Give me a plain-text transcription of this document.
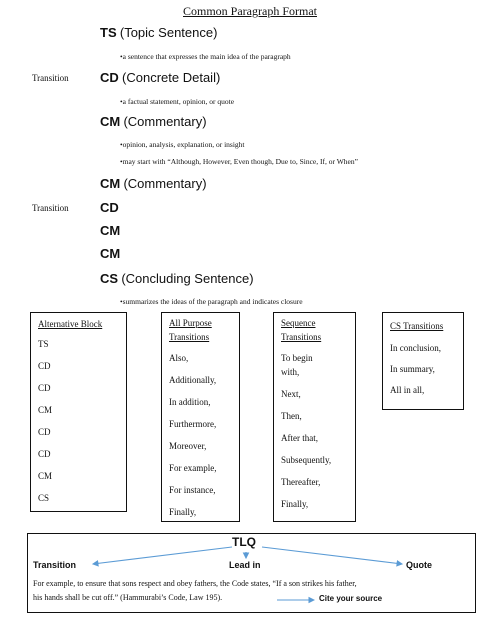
Common Paragraph Format
TS (Topic Sentence)
•a sentence that expresses the main idea of the paragraph
Transition CD (Concrete Detail)
•a factual statement, opinion, or quote
CM (Commentary)
•opinion, analysis, explanation, or insight
•may start with “Although, However, Even though, Due to, Since, If, or When”
CM (Commentary)
Transition CD
CM
CM
CS (Concluding Sentence)
•summarizes the ideas of the paragraph and indicates closure
Alternative Block
TS
CD
CD
CM
CD
CD
CM
CS
All Purpose
Transitions
Also,
Additionally,
In addition,
Furthermore,
Moreover,
For example,
For instance,
Finally,
Sequence
Transitions
To begin
with,
Next,
Then,
After that,
Subsequently,
Thereafter,
Finally,
CS Transitions
In conclusion,
In summary,
All in all,
TLQ
Transition	Lead in	Quote
For example, to ensure that sons respect and obey fathers, the Code states, “If a son strikes his father,
his hands shall be cut off.” (Hammurabi’s Code, Law 195).	Cite your source
